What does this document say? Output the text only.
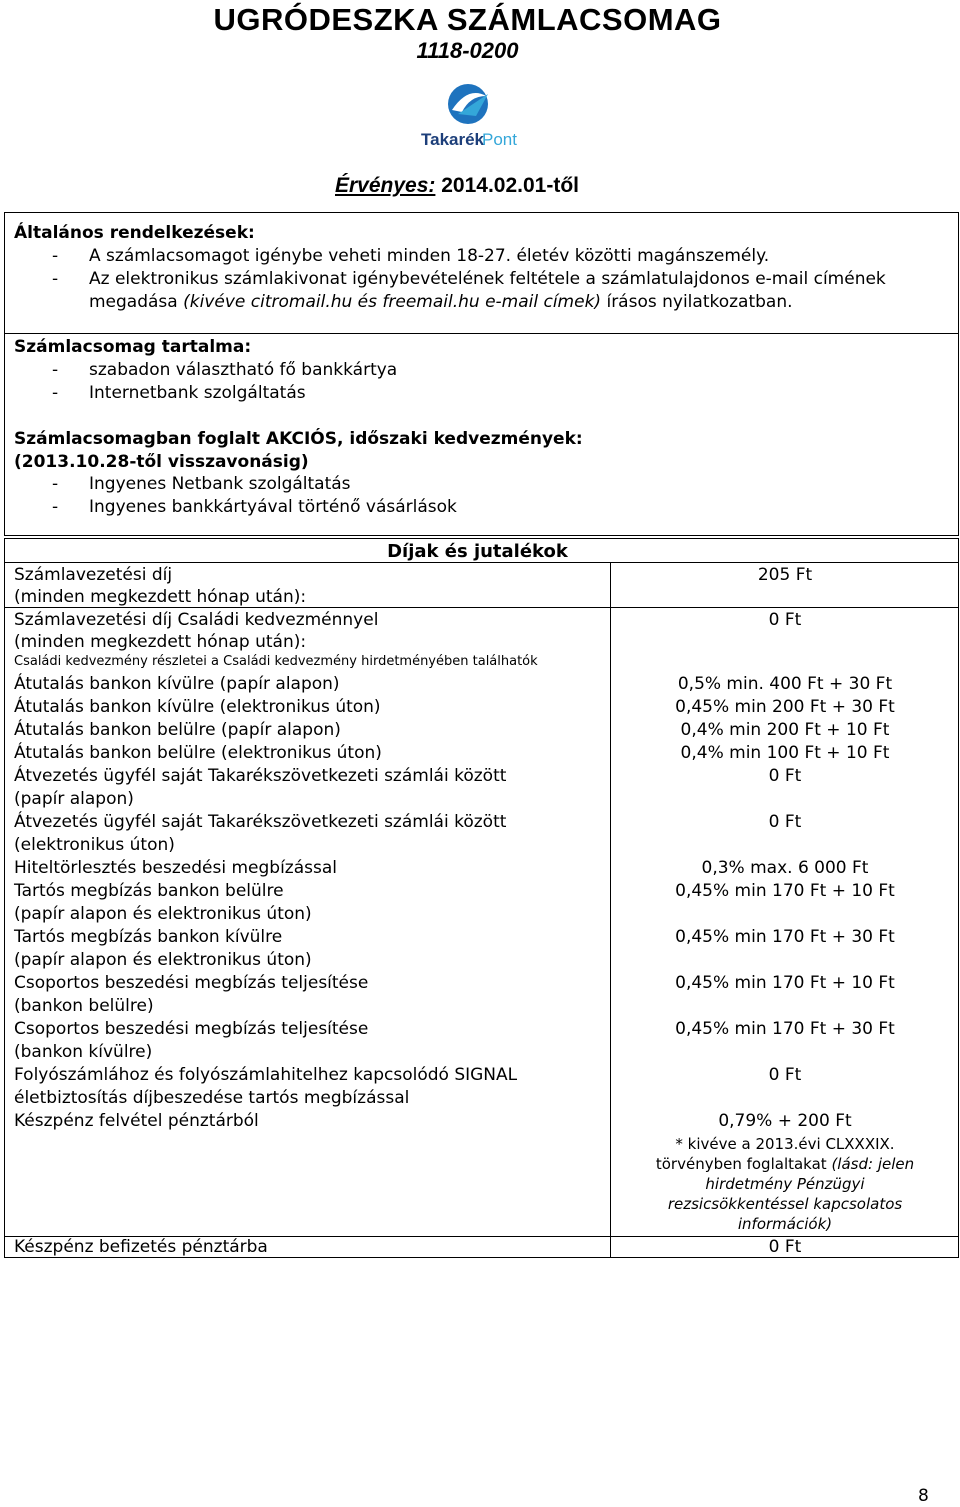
UGRÓDESZKA SZÁMLACSOMAG
1118-0200
Takarék
Pont
Érvényes: 2014.02.01-től
Általános rendelkezések:
- A számlacsomagot igénybe veheti minden 18-27. életév közötti magánszemély.
- Az elektronikus számlakivonat igénybevételének feltétele a számlatulajdonos e-mail címének
megadása (kivéve citromail.hu és freemail.hu e-mail címek) írásos nyilatkozatban.
Számlacsomag tartalma:
- szabadon választható fő bankkártya
- Internetbank szolgáltatás
Számlacsomagban foglalt AKCIÓS, időszaki kedvezmények:
(2013.10.28-től visszavonásig)
- Ingyenes Netbank szolgáltatás
- Ingyenes bankkártyával történő vásárlások
Díjak és jutalékok
Számlavezetési díj
(minden megkezdett hónap után):
205 Ft
Számlavezetési díj Családi kedvezménnyel
(minden megkezdett hónap után):
0 Ft
Családi kedvezmény részletei a Családi kedvezmény hirdetményében találhatók
Átutalás bankon kívülre (papír alapon)	0,5% min. 400 Ft + 30 Ft
Átutalás bankon kívülre (elektronikus úton)	0,45% min 200 Ft + 30 Ft
Átutalás bankon belülre (papír alapon)	0,4% min 200 Ft + 10 Ft
Átutalás bankon belülre (elektronikus úton)	0,4% min 100 Ft + 10 Ft
Átvezetés ügyfél saját Takarékszövetkezeti számlái között
(papír alapon)
0 Ft
Átvezetés ügyfél saját Takarékszövetkezeti számlái között
(elektronikus úton)
0 Ft
Hiteltörlesztés beszedési megbízással	0,3% max. 6 000 Ft
Tartós megbízás bankon belülre
(papír alapon és elektronikus úton)
0,45% min 170 Ft + 10 Ft
Tartós megbízás bankon kívülre
(papír alapon és elektronikus úton)
0,45% min 170 Ft + 30 Ft
Csoportos beszedési megbízás teljesítése
(bankon belülre)
0,45% min 170 Ft + 10 Ft
Csoportos beszedési megbízás teljesítése
(bankon kívülre)
0,45% min 170 Ft + 30 Ft
Folyószámlához és folyószámlahitelhez kapcsolódó SIGNAL
életbiztosítás díjbeszedése tartós megbízással
0 Ft
Készpénz felvétel pénztárból	0,79% + 200 Ft
* kivéve a 2013.évi CLXXXIX.
törvényben foglaltakat (lásd: jelen
hirdetmény Pénzügyi
rezsicsökkentéssel kapcsolatos
információk)
Készpénz befizetés pénztárba	0 Ft
8
